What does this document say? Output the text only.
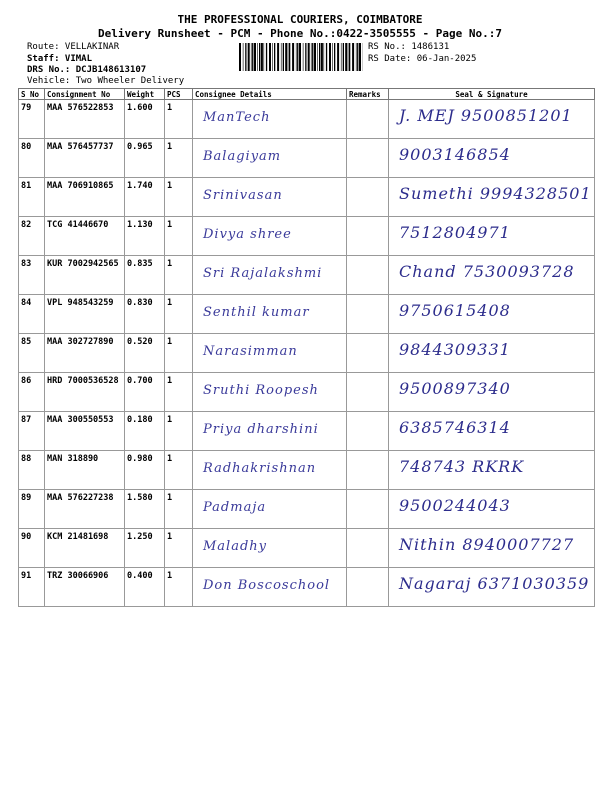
THE PROFESSIONAL COURIERS, COIMBATORE
Delivery Runsheet - PCM - Phone No.:0422-3505555 - Page No.:7
Route: VELLAKINAR
Staff: VIMAL
DRS No.: DCJB148613107
RS No.: 1486131
RS Date: 06-Jan-2025
Vehicle: Two Wheeler Delivery
S No	Consignment No	Weight	PCS	Consignee Details	Remarks	Seal & Signature
79	MAA 576522853	1.600	1	ManTech		J. MEJ 9500851201

80	MAA 576457737	0.965	1	Balagiyam		9003146854

81	MAA 706910865	1.740	1	Srinivasan		Sumethi 9994328501

82	TCG 41446670	1.130	1	Divya shree		7512804971

83	KUR 7002942565	0.835	1	Sri Rajalakshmi		Chand 7530093728

84	VPL 948543259	0.830	1	Senthil kumar		9750615408

85	MAA 302727890	0.520	1	Narasimman		9844309331

86	HRD 7000536528	0.700	1	Sruthi Roopesh		9500897340

87	MAA 300550553	0.180	1	Priya dharshini		6385746314

88	MAN 318890	0.980	1	Radhakrishnan		748743 RKRK

89	MAA 576227238	1.580	1	Padmaja		9500244043

90	KCM 21481698	1.250	1	Maladhy		Nithin 8940007727

91	TRZ 30066906	0.400	1	Don Boscoschool		Nagaraj 6371030359
